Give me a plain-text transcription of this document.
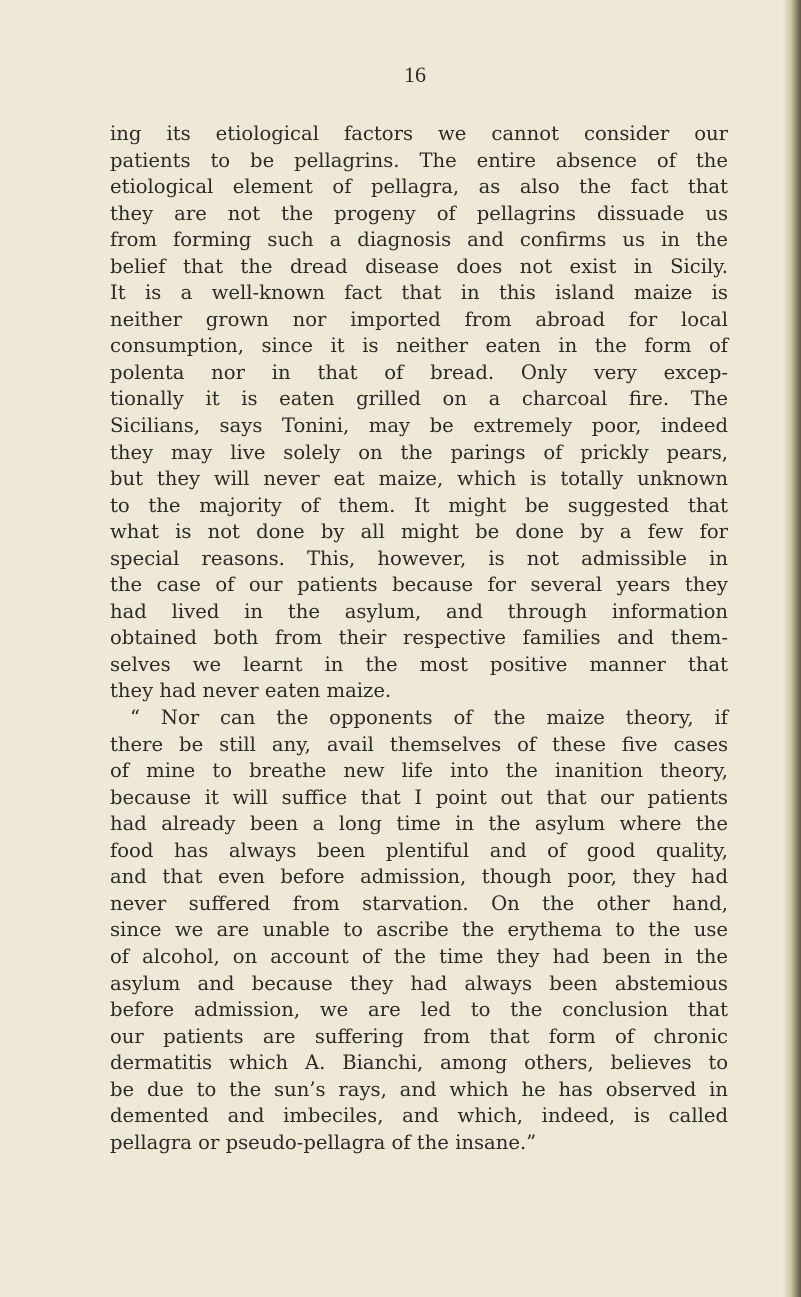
16
ing its etiological factors we cannot consider our
patients to be pellagrins. The entire absence of the
etiological element of pellagra, as also the fact that
they are not the progeny of pellagrins dissuade us
from forming such a diagnosis and confirms us in the
belief that the dread disease does not exist in Sicily.
It is a well-known fact that in this island maize is
neither grown nor imported from abroad for local
consumption, since it is neither eaten in the form of
polenta nor in that of bread. Only very excep-
tionally it is eaten grilled on a charcoal fire. The
Sicilians, says Tonini, may be extremely poor, indeed
they may live solely on the parings of prickly pears,
but they will never eat maize, which is totally unknown
to the majority of them. It might be suggested that
what is not done by all might be done by a few for
special reasons. This, however, is not admissible in
the case of our patients because for several years they
had lived in the asylum, and through information
obtained both from their respective families and them-
selves we learnt in the most positive manner that
they had never eaten maize.
“ Nor can the opponents of the maize theory, if
there be still any, avail themselves of these five cases
of mine to breathe new life into the inanition theory,
because it will suffice that I point out that our patients
had already been a long time in the asylum where the
food has always been plentiful and of good quality,
and that even before admission, though poor, they had
never suffered from starvation. On the other hand,
since we are unable to ascribe the erythema to the use
of alcohol, on account of the time they had been in the
asylum and because they had always been abstemious
before admission, we are led to the conclusion that
our patients are suffering from that form of chronic
dermatitis which A. Bianchi, among others, believes to
be due to the sun’s rays, and which he has observed in
demented and imbeciles, and which, indeed, is called
pellagra or pseudo-pellagra of the insane.”
